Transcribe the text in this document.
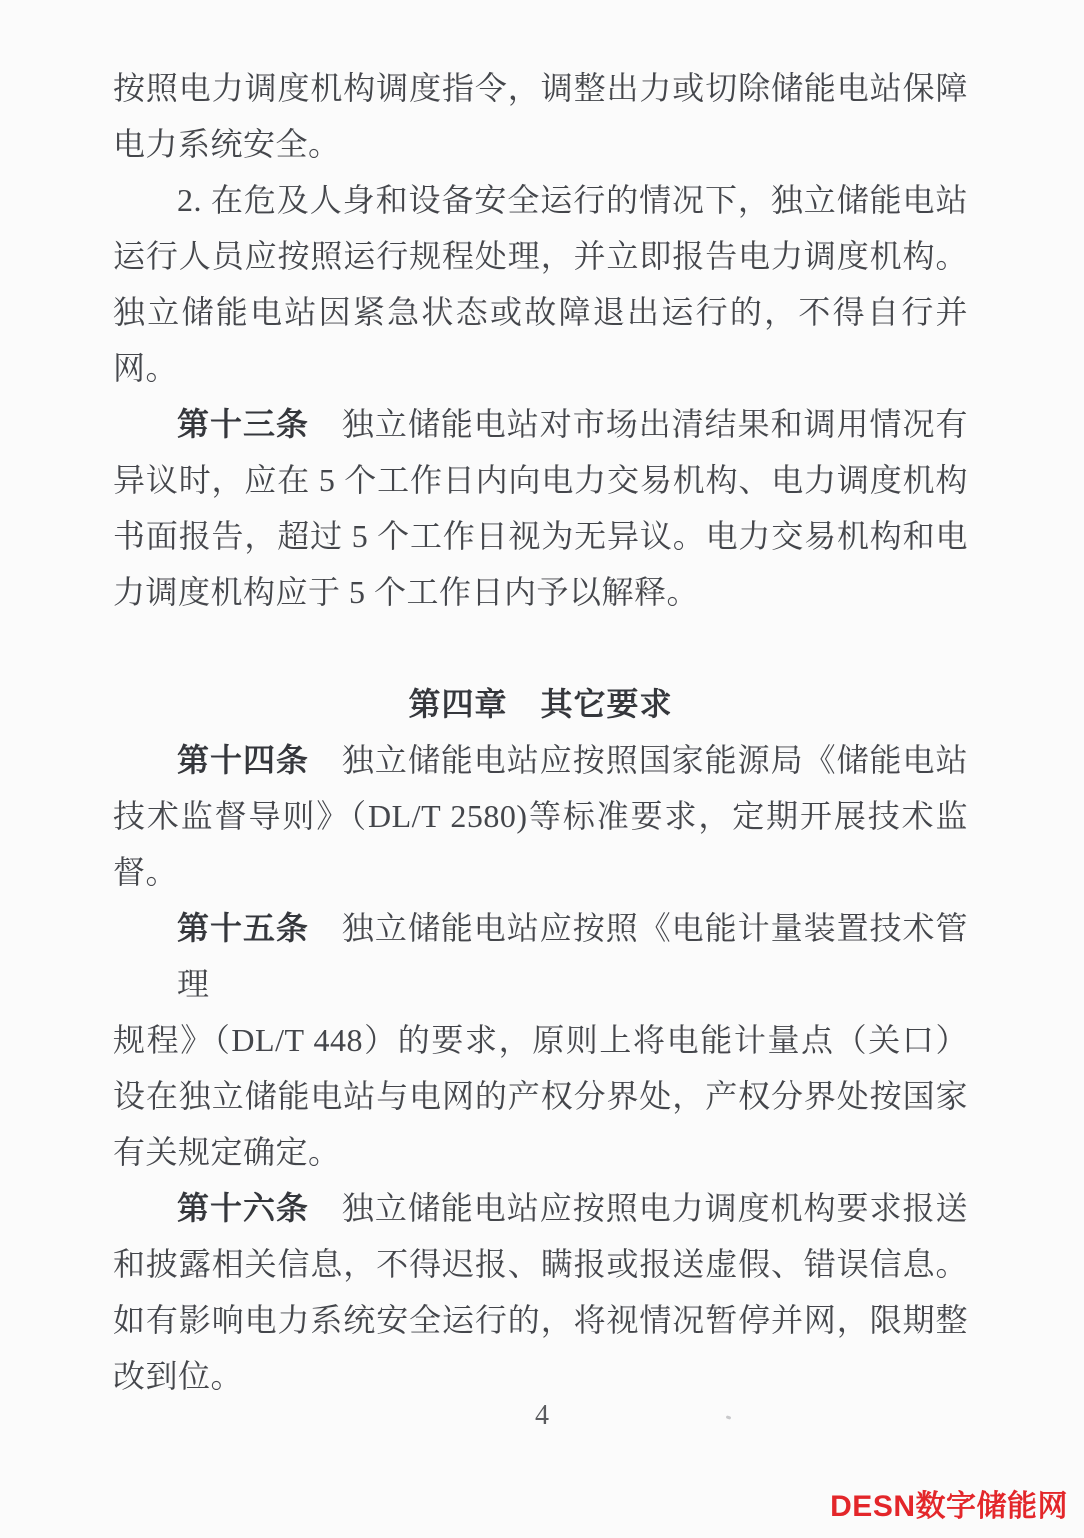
按照电力调度机构调度指令，调整出力或切除储能电站保障
电力系统安全。
2. 在危及人身和设备安全运行的情况下，独立储能电站
运行人员应按照运行规程处理，并立即报告电力调度机构。
独立储能电站因紧急状态或故障退出运行的，不得自行并
网。
第十三条　独立储能电站对市场出清结果和调用情况有
异议时，应在 5 个工作日内向电力交易机构、电力调度机构
书面报告，超过 5 个工作日视为无异议。电力交易机构和电
力调度机构应于 5 个工作日内予以解释。
第四章　其它要求
第十四条　独立储能电站应按照国家能源局《储能电站
技术监督导则》（DL/T 2580)等标准要求，定期开展技术监
督。
第十五条　独立储能电站应按照《电能计量装置技术管理
规程》（DL/T 448）的要求，原则上将电能计量点（关口）
设在独立储能电站与电网的产权分界处，产权分界处按国家
有关规定确定。
第十六条　独立储能电站应按照电力调度机构要求报送
和披露相关信息，不得迟报、瞒报或报送虚假、错误信息。
如有影响电力系统安全运行的，将视情况暂停并网，限期整
改到位。
4
DESN数字储能网
